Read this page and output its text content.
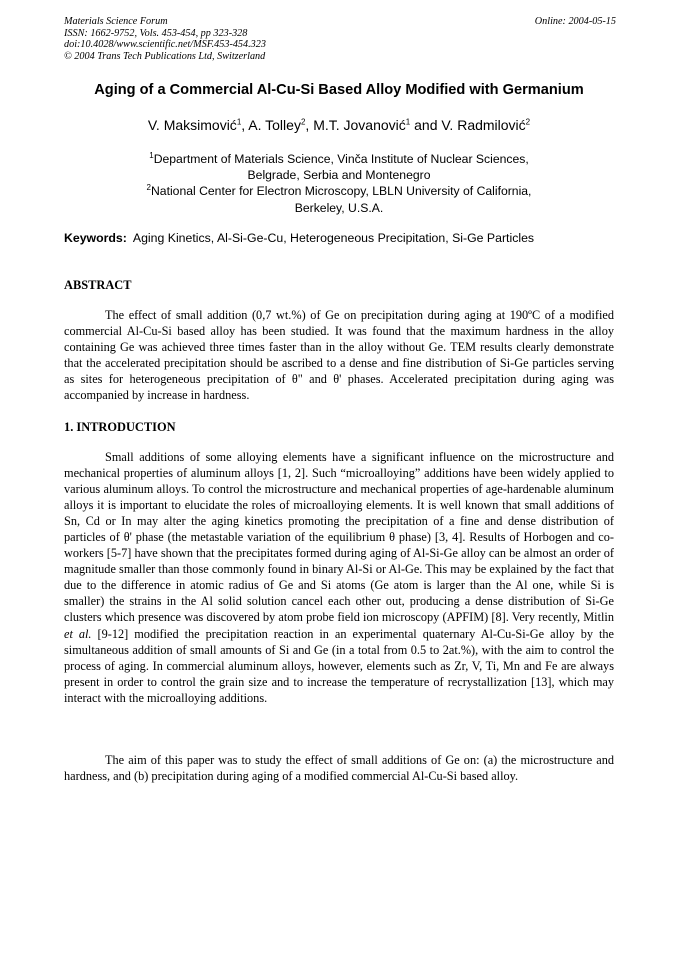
Materials Science Forum
ISSN: 1662-9752, Vols. 453-454, pp 323-328
doi:10.4028/www.scientific.net/MSF.453-454.323
© 2004 Trans Tech Publications Ltd, Switzerland
Online: 2004-05-15
Aging of a Commercial Al-Cu-Si Based Alloy Modified with Germanium
V. Maksimović$^1$, A. Tolley$^2$, M.T. Jovanović$^1$ and V. Radmilović$^2$
$^1$Department of Materials Science, Vinča Institute of Nuclear Sciences,
Belgrade, Serbia and Montenegro
$^2$National Center for Electron Microscopy, LBLN University of California,
Berkeley, U.S.A.
Keywords: Aging Kinetics, Al-Si-Ge-Cu, Heterogeneous Precipitation, Si-Ge Particles
ABSTRACT

The effect of small addition (0,7 wt.%) of Ge on precipitation during aging at 190ºC of a modified commercial Al-Cu-Si based alloy has been studied. It was found that the maximum hardness in the alloy containing Ge was achieved three times faster than in the alloy without Ge. TEM results clearly demonstrate that the accelerated precipitation should be ascribed to a dense and fine distribution of Si-Ge particles serving as sites for heterogeneous precipitation of θ" and θ' phases. Accelerated precipitation during aging was accompanied by increase in hardness.

1. INTRODUCTION

Small additions of some alloying elements have a significant influence on the microstructure and mechanical properties of aluminum alloys [1, 2]. Such “microalloying” additions have been widely applied to various aluminum alloys. To control the microstructure and mechanical properties of age-hardenable aluminum alloys it is important to elucidate the roles of microalloying elements. It is well known that small additions of Sn, Cd or In may alter the aging kinetics promoting the precipitation of a fine and dense distribution of particles of θ' phase (the metastable variation of the equilibrium θ phase) [3, 4]. Results of Horbogen and co-workers [5-7] have shown that the precipitates formed during aging of Al-Si-Ge alloy can be almost an order of magnitude smaller than those commonly found in binary Al-Si or Al-Ge. This may be explained by the fact that due to the difference in atomic radius of Ge and Si atoms (Ge atom is larger than the Al one, while Si is smaller) the strains in the Al solid solution cancel each other out, producing a dense distribution of Si-Ge clusters which presence was discovered by atom probe field ion microscopy (APFIM) [8]. Very recently, Mitlin et al. [9-12] modified the precipitation reaction in an experimental quaternary Al-Cu-Si-Ge alloy by the simultaneous addition of small amounts of Si and Ge (in a total from 0.5 to 2at.%), with the aim to control the process of aging. In commercial aluminum alloys, however, elements such as Zr, V, Ti, Mn and Fe are always present in order to control the grain size and to increase the temperature of recrystallization [13], which may interact with the microalloying additions.

The aim of this paper was to study the effect of small additions of Ge on: (a) the microstructure and hardness, and (b) precipitation during aging of a modified commercial Al-Cu-Si based alloy.
